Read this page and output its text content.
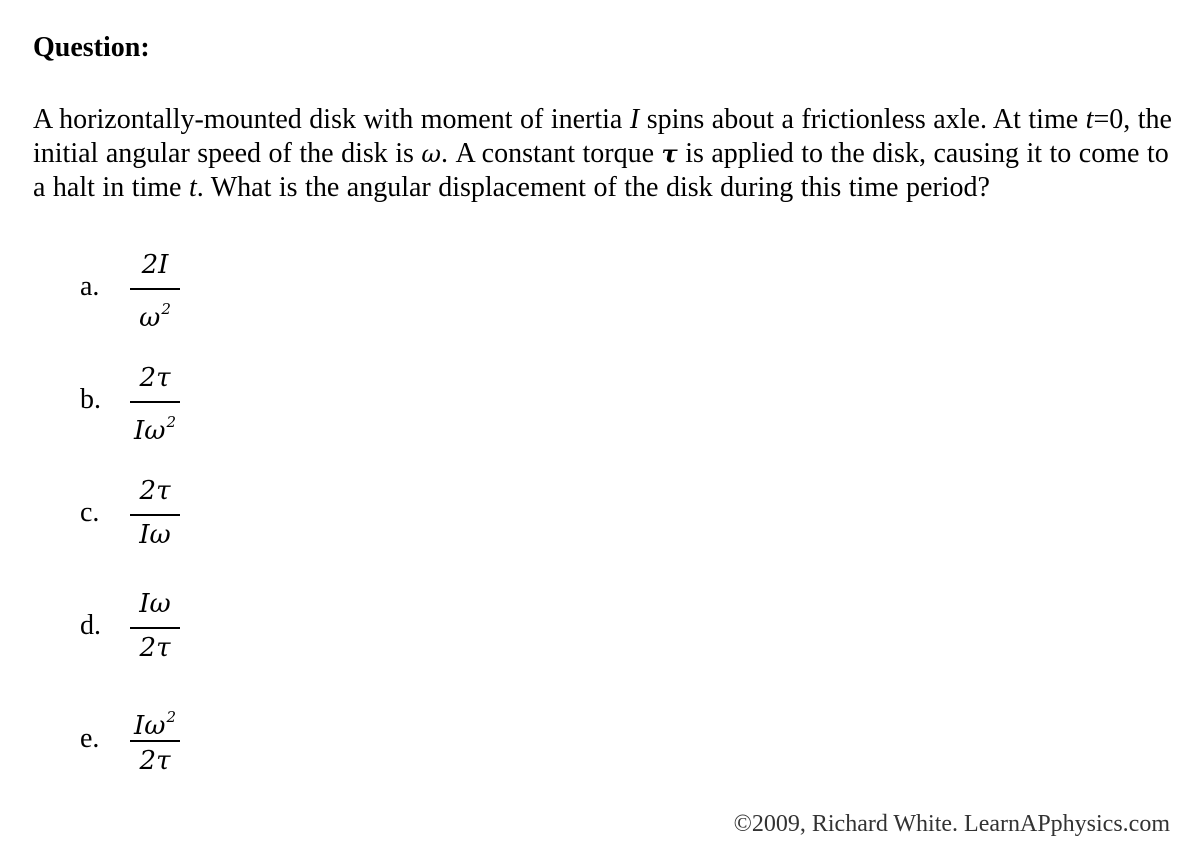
Question:
A horizontally-mounted disk with moment of inertia I spins about a frictionless axle. At time t=0, the initial angular speed of the disk is ω. A constant torque τ is applied to the disk, causing it to come to a halt in time t. What is the angular displacement of the disk during this time period?
a.
2I
$\omega^2$
b.
2τ
$I\omega^2$
c.
2τ
Iω
d.
Iω
2τ
e. $I\omega^2$
2τ
©2009, Richard White. LearnAPphysics.com
